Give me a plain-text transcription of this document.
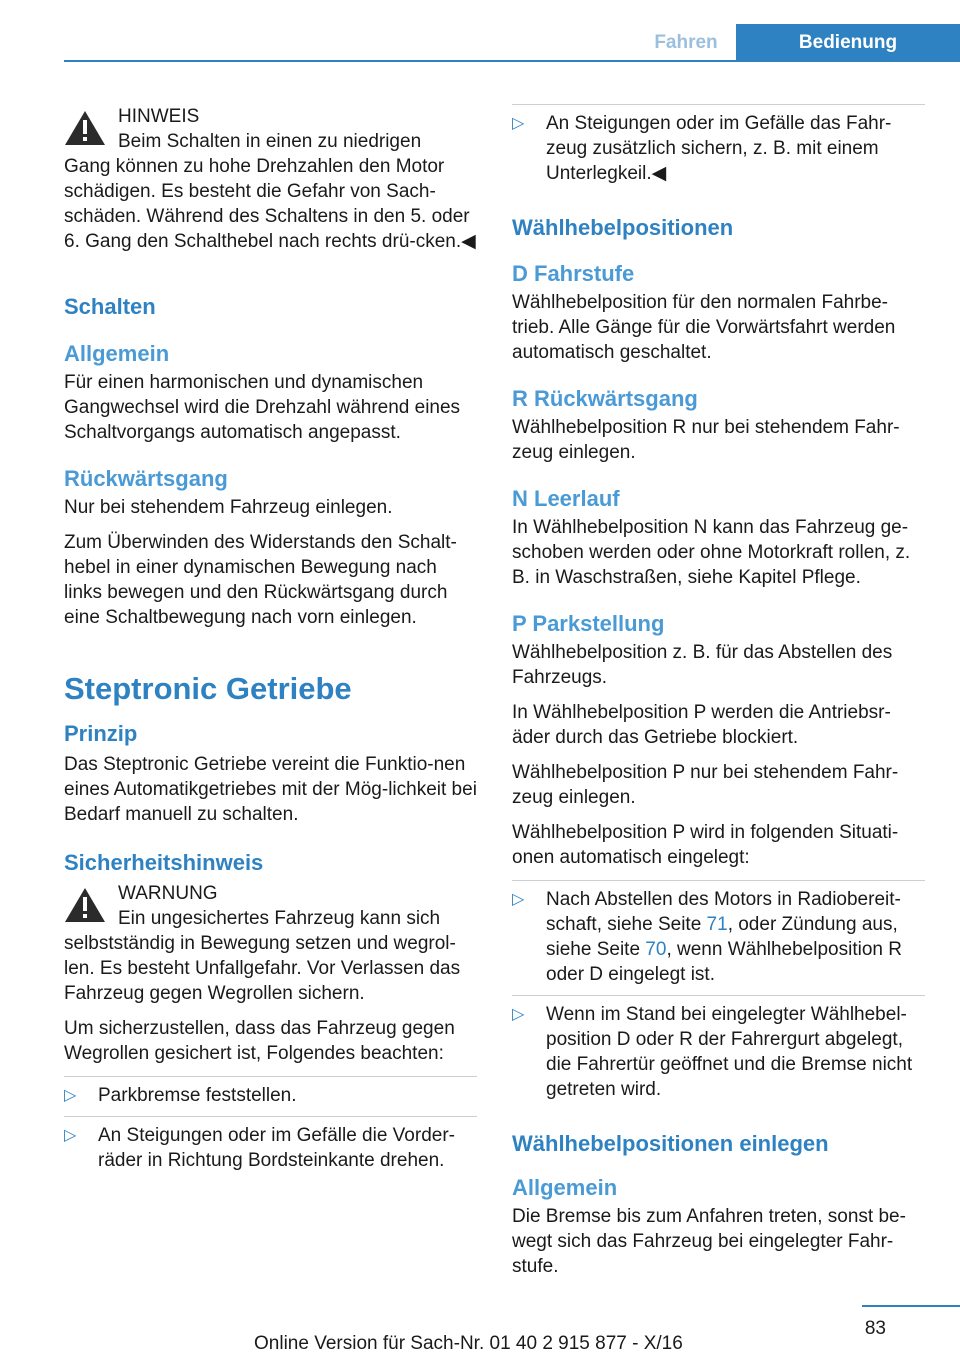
Fahren	Bedienung

HINWEIS

Beim Schalten in einen zu niedrigen

Gang können zu hohe Drehzahlen den Motor schädigen. Es besteht die Gefahr von Sach‐schäden. Während des Schaltens in den 5. oder 6. Gang den Schalthebel nach rechts drü‐cken.◀

Schalten
Allgemein

Für einen harmonischen und dynamischen Gangwechsel wird die Drehzahl während eines Schaltvorgangs automatisch angepasst.

Rückwärtsgang

Nur bei stehendem Fahrzeug einlegen.

Zum Überwinden des Widerstands den Schalt‐hebel in einer dynamischen Bewegung nach links bewegen und den Rückwärtsgang durch eine Schaltbewegung nach vorn einlegen.

Steptronic Getriebe
Prinzip

Das Steptronic Getriebe vereint die Funktio‐nen eines Automatikgetriebes mit der Mög‐lichkeit bei Bedarf manuell zu schalten.

Sicherheitshinweis

WARNUNG

Ein ungesichertes Fahrzeug kann sich

selbstständig in Bewegung setzen und wegrol‐len. Es besteht Unfallgefahr. Vor Verlassen das Fahrzeug gegen Wegrollen sichern.

Um sicherzustellen, dass das Fahrzeug gegen Wegrollen gesichert ist, Folgendes beachten:

▷ Parkbremse feststellen.
▷ An Steigungen oder im Gefälle die Vorder‐räder in Richtung Bordsteinkante drehen.
▷ An Steigungen oder im Gefälle das Fahr‐zeug zusätzlich sichern, z. B. mit einem Unterlegkeil.◀
Wählhebelpositionen
D Fahrstufe

Wählhebelposition für den normalen Fahrbe‐trieb. Alle Gänge für die Vorwärtsfahrt werden automatisch geschaltet.

R Rückwärtsgang

Wählhebelposition R nur bei stehendem Fahr‐zeug einlegen.

N Leerlauf

In Wählhebelposition N kann das Fahrzeug ge‐schoben werden oder ohne Motorkraft rollen, z. B. in Waschstraßen, siehe Kapitel Pflege.

P Parkstellung

Wählhebelposition z. B. für das Abstellen des Fahrzeugs.

In Wählhebelposition P werden die Antriebsr‐äder durch das Getriebe blockiert.

Wählhebelposition P nur bei stehendem Fahr‐zeug einlegen.

Wählhebelposition P wird in folgenden Situati‐onen automatisch eingelegt:

▷ Nach Abstellen des Motors in Radiobereit‐schaft, siehe Seite 71, oder Zündung aus, siehe Seite 70, wenn Wählhebelposition R oder D eingelegt ist.
▷ Wenn im Stand bei eingelegter Wählhebel‐position D oder R der Fahrergurt abgelegt, die Fahrertür geöffnet und die Bremse nicht getreten wird.
Wählhebelpositionen einlegen
Allgemein

Die Bremse bis zum Anfahren treten, sonst be‐wegt sich das Fahrzeug bei eingelegter Fahr‐stufe.

83
Online Version für Sach-Nr. 01 40 2 915 877 - X/16
